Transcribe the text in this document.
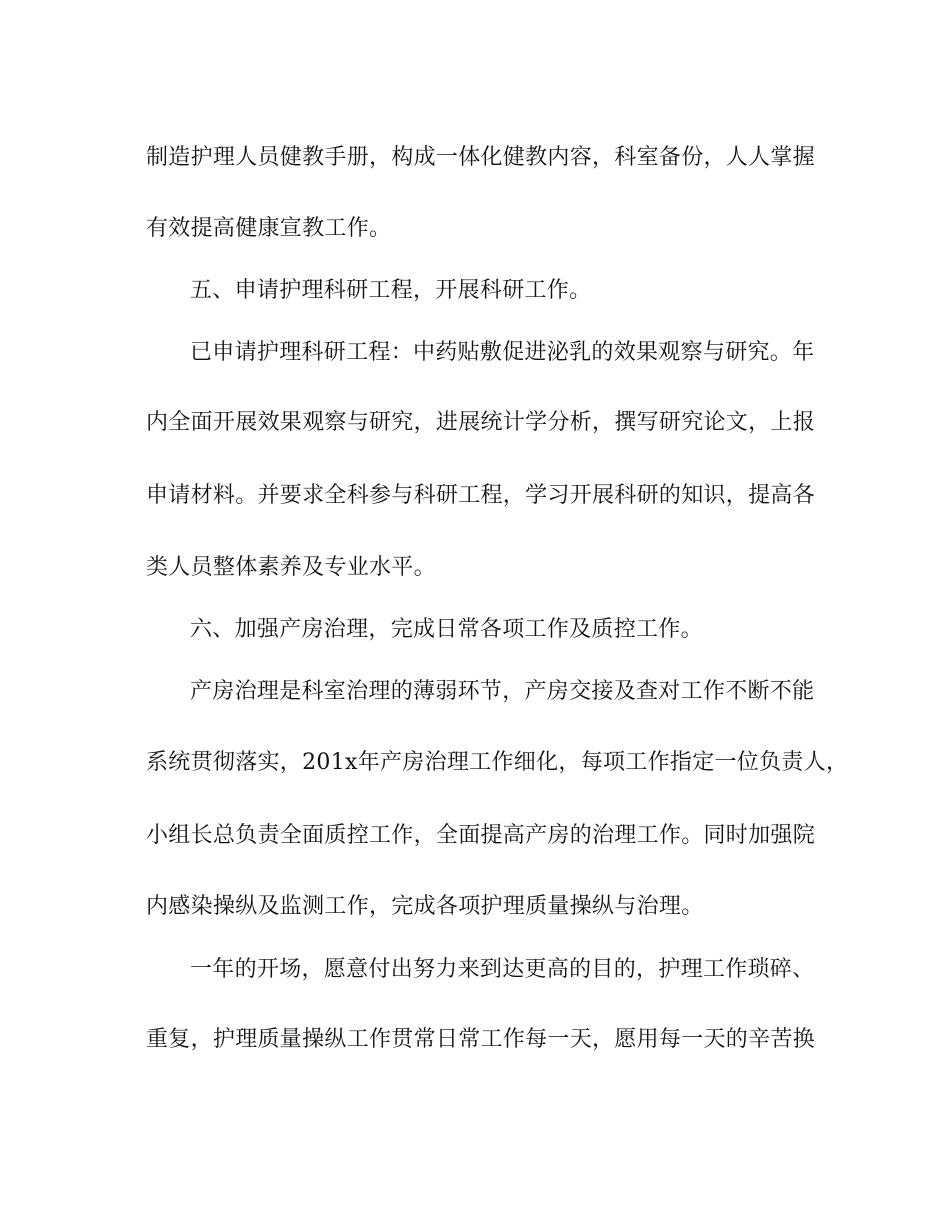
制造护理人员健教手册，构成一体化健教内容，科室备份，人人掌握
有效提高健康宣教工作。
五、申请护理科研工程，开展科研工作。
已申请护理科研工程：中药贴敷促进泌乳的效果观察与研究。年
内全面开展效果观察与研究，进展统计学分析，撰写研究论文，上报
申请材料。并要求全科参与科研工程，学习开展科研的知识，提高各
类人员整体素养及专业水平。
六、加强产房治理，完成日常各项工作及质控工作。
产房治理是科室治理的薄弱环节，产房交接及查对工作不断不能
系统贯彻落实，201x年产房治理工作细化，每项工作指定一位负责人，
小组长总负责全面质控工作，全面提高产房的治理工作。同时加强院
内感染操纵及监测工作，完成各项护理质量操纵与治理。
一年的开场，愿意付出努力来到达更高的目的，护理工作琐碎、
重复，护理质量操纵工作贯常日常工作每一天，愿用每一天的辛苦换
